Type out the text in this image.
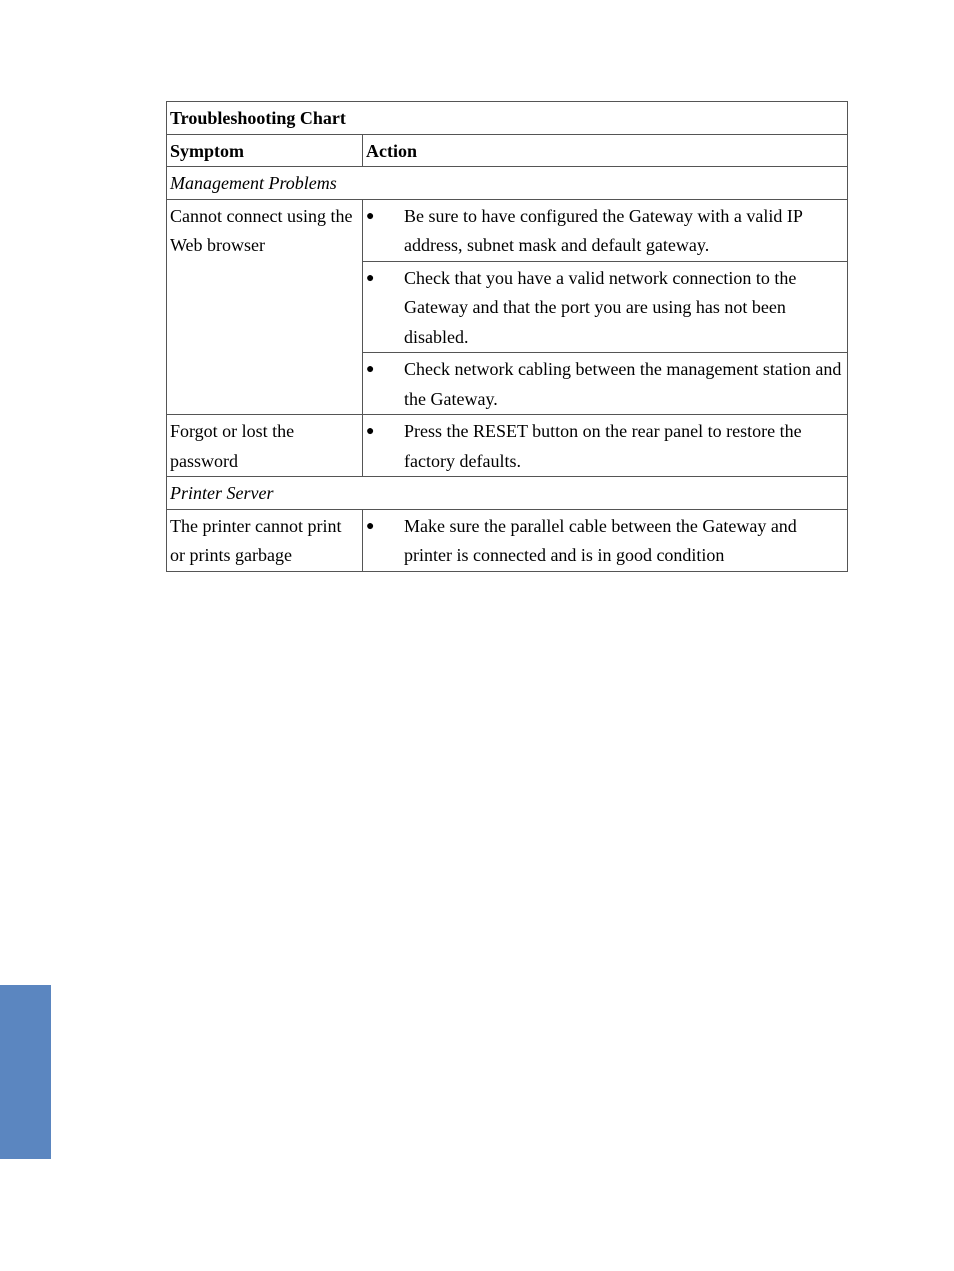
Troubleshooting Chart	
Symptom	Action
Management Problems	
Cannot connect using the Web browser	● Be sure to have configured the Gateway with a valid IP address, subnet mask and default gateway.

	● Check that you have a valid network connection to the Gateway and that the port you are using has not been disabled.

	● Check network cabling between the management station and the Gateway.

Forgot or lost the password	● Press the RESET button on the rear panel to restore the factory defaults.

Printer Server	
The printer cannot print or prints garbage	● Make sure the parallel cable between the Gateway and printer is connected and is in good condition
